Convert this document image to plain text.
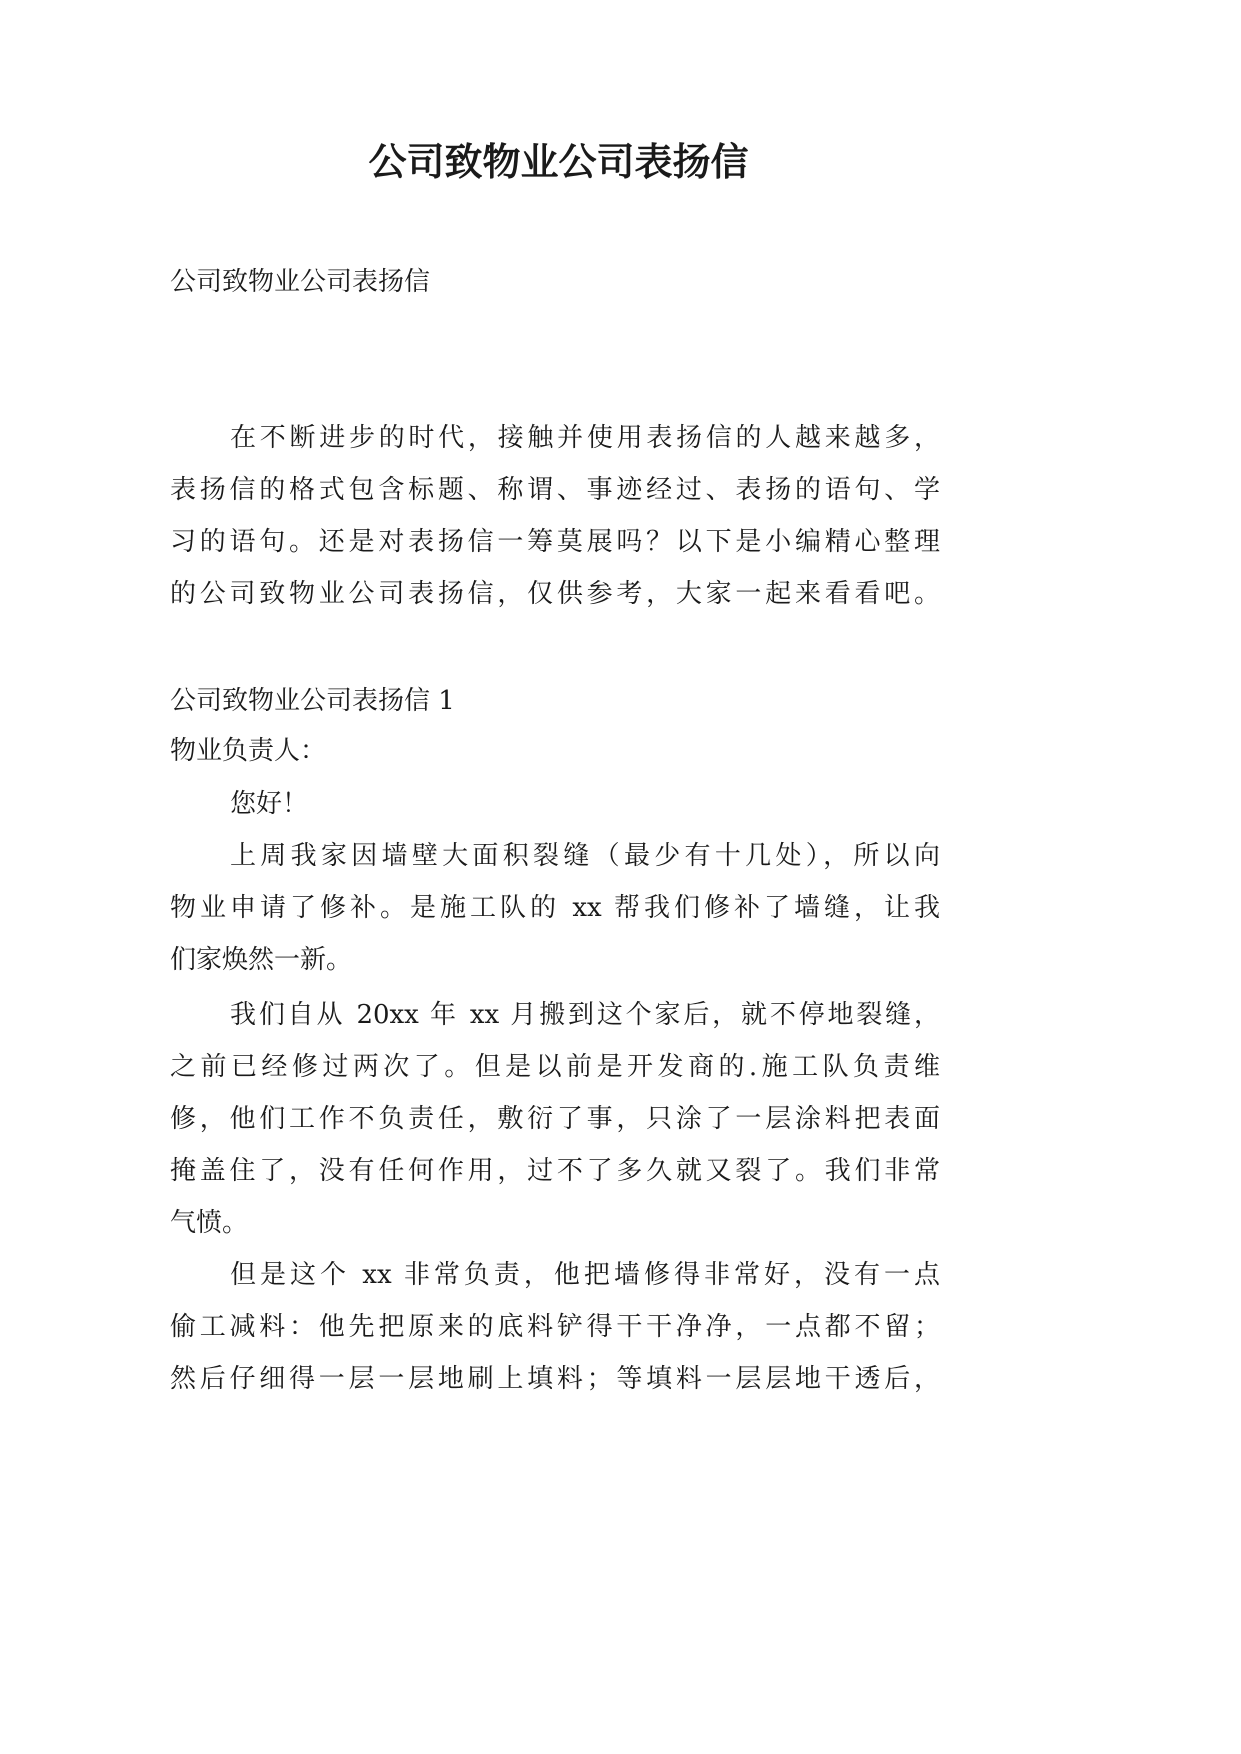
公司致物业公司表扬信

公司致物业公司表扬信

在不断进步的时代，接触并使用表扬信的人越来越多，

表扬信的格式包含标题、称谓、事迹经过、表扬的语句、学

习的语句。还是对表扬信一筹莫展吗？以下是小编精心整理

的公司致物业公司表扬信，仅供参考，大家一起来看看吧。

公司致物业公司表扬信 1

物业负责人：

您好！

上周我家因墙壁大面积裂缝（最少有十几处），所以向

物业申请了修补。是施工队的 xx 帮我们修补了墙缝，让我

们家焕然一新。

我们自从 20xx 年 xx 月搬到这个家后，就不停地裂缝，

之前已经修过两次了。但是以前是开发商的.施工队负责维

修，他们工作不负责任，敷衍了事，只涂了一层涂料把表面

掩盖住了，没有任何作用，过不了多久就又裂了。我们非常

气愤。

但是这个 xx 非常负责，他把墙修得非常好，没有一点

偷工减料：他先把原来的底料铲得干干净净，一点都不留；

然后仔细得一层一层地刷上填料；等填料一层层地干透后，
